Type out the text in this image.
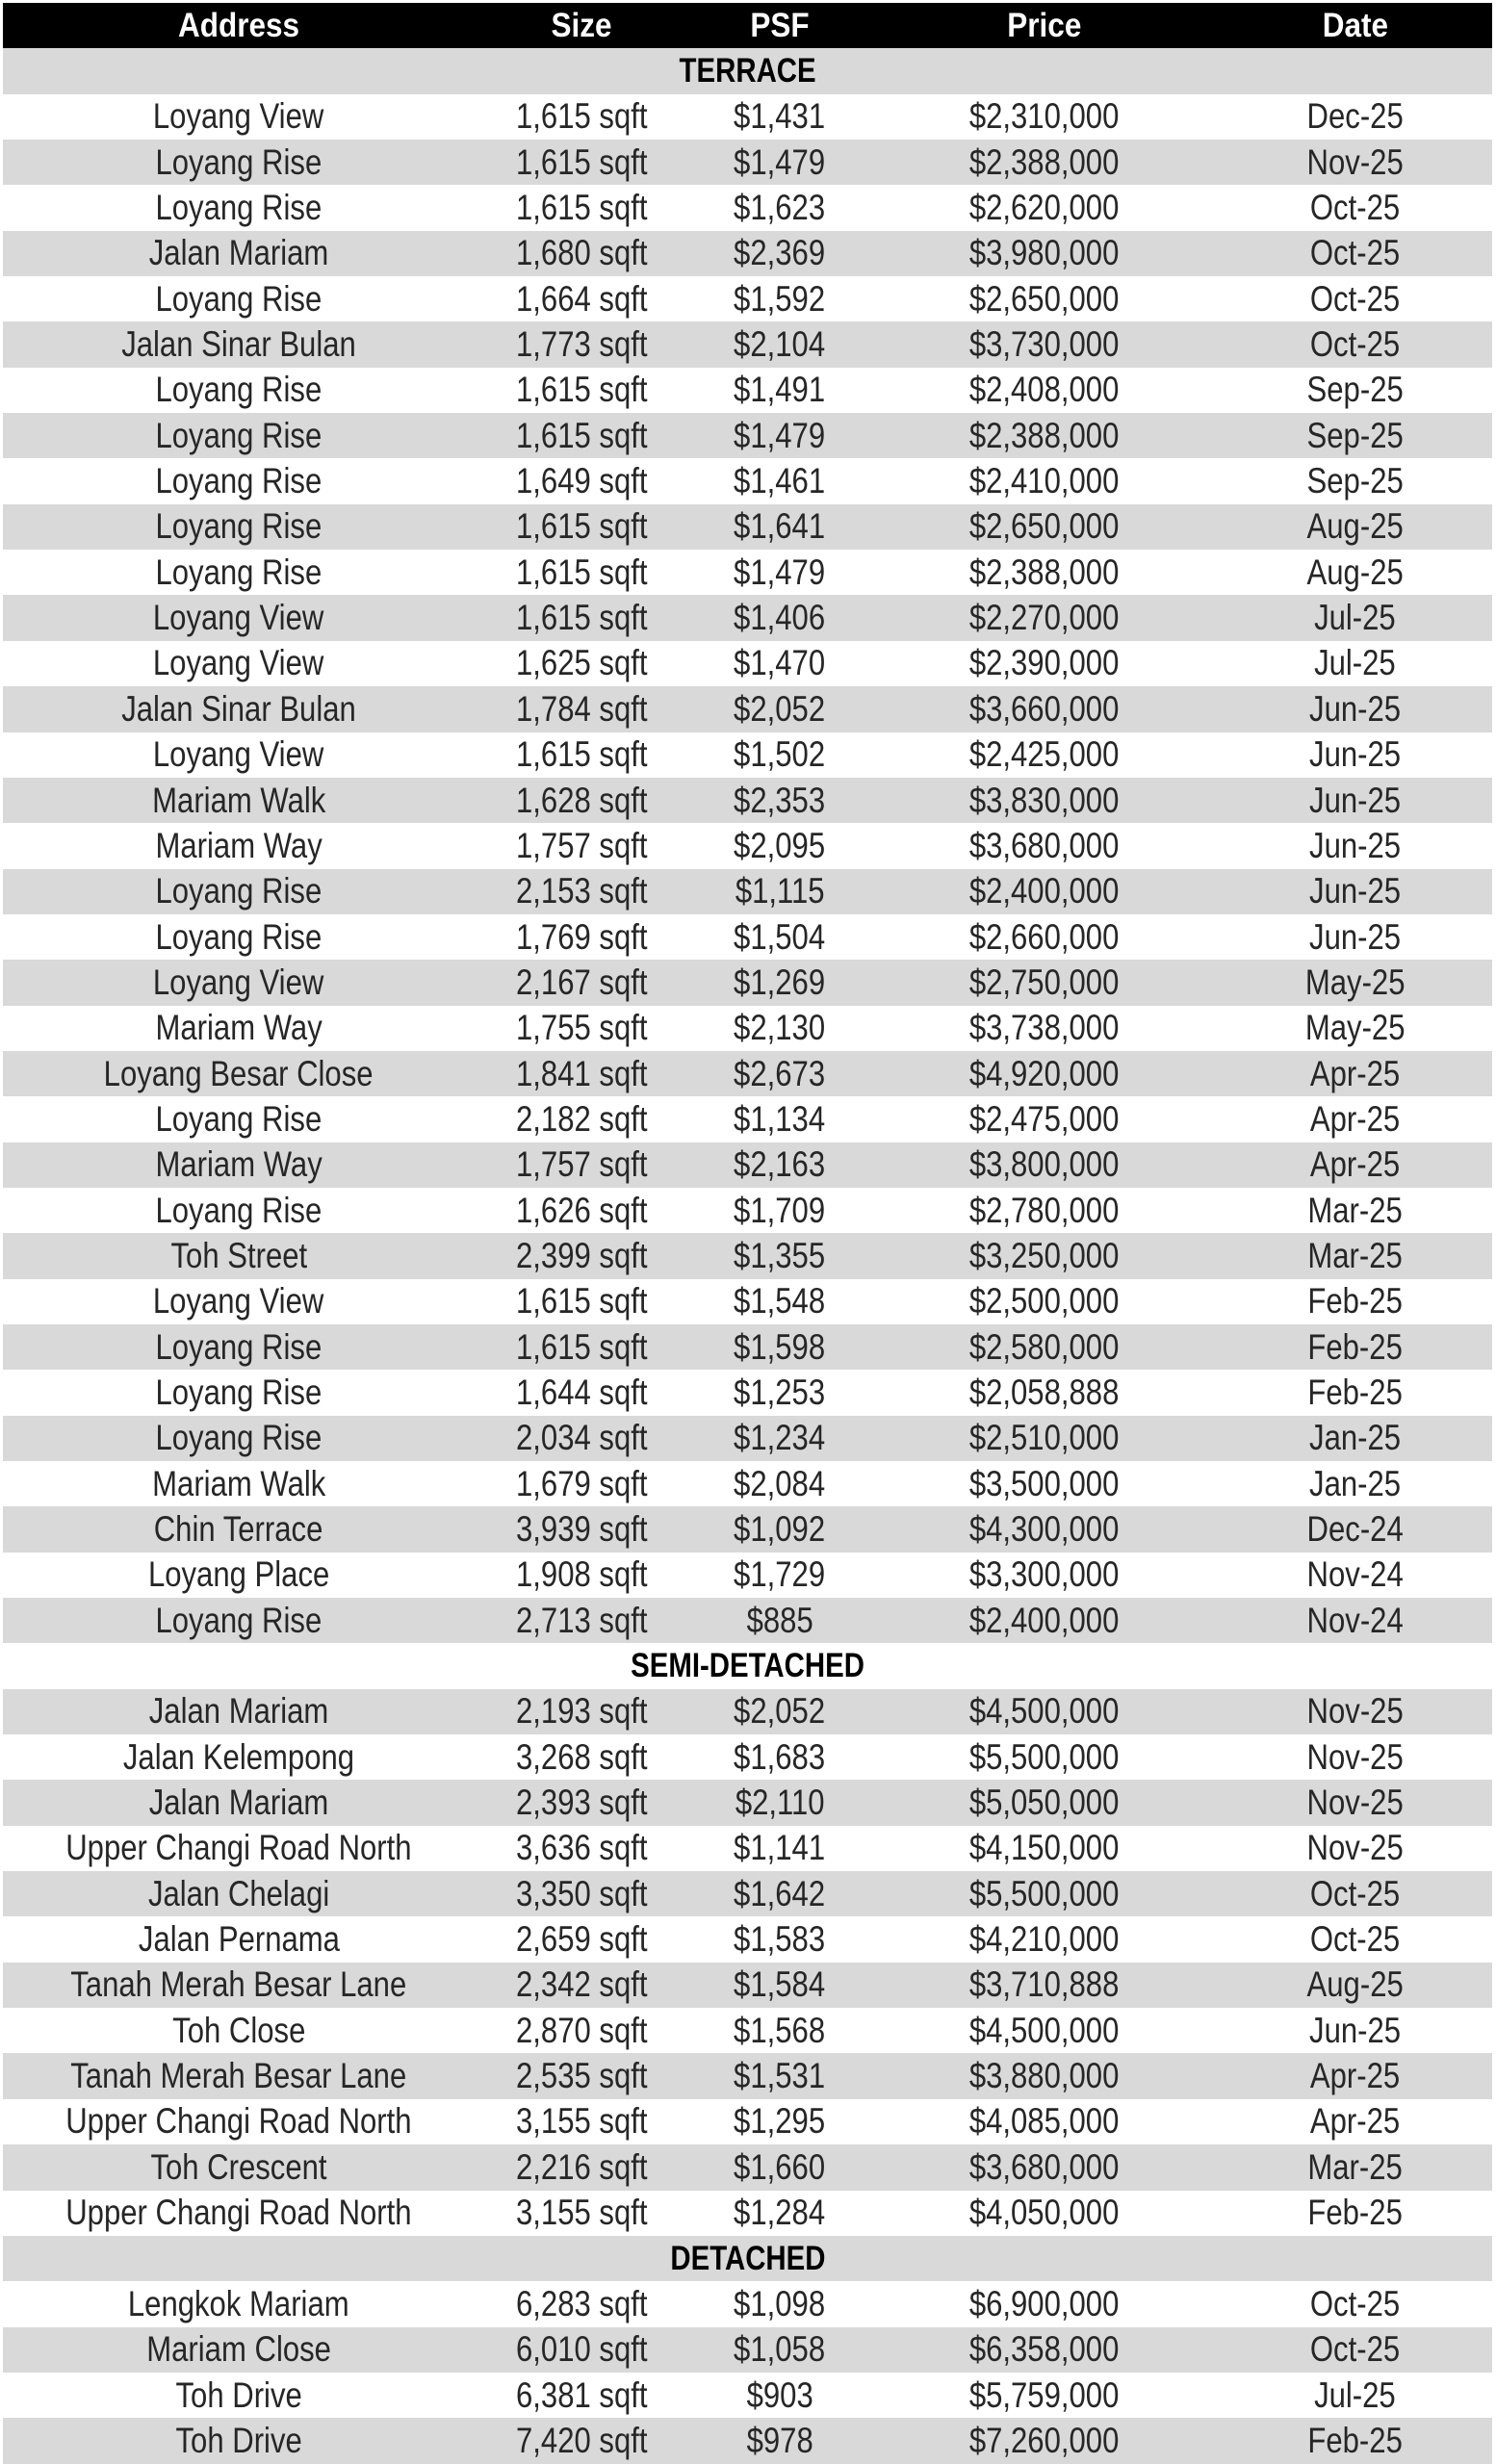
Address	Size	PSF	Price	Date
TERRACE				
Loyang View	1,615 sqft	$1,431	$2,310,000	Dec-25
Loyang Rise	1,615 sqft	$1,479	$2,388,000	Nov-25
Loyang Rise	1,615 sqft	$1,623	$2,620,000	Oct-25
Jalan Mariam	1,680 sqft	$2,369	$3,980,000	Oct-25
Loyang Rise	1,664 sqft	$1,592	$2,650,000	Oct-25
Jalan Sinar Bulan	1,773 sqft	$2,104	$3,730,000	Oct-25
Loyang Rise	1,615 sqft	$1,491	$2,408,000	Sep-25
Loyang Rise	1,615 sqft	$1,479	$2,388,000	Sep-25
Loyang Rise	1,649 sqft	$1,461	$2,410,000	Sep-25
Loyang Rise	1,615 sqft	$1,641	$2,650,000	Aug-25
Loyang Rise	1,615 sqft	$1,479	$2,388,000	Aug-25
Loyang View	1,615 sqft	$1,406	$2,270,000	Jul-25
Loyang View	1,625 sqft	$1,470	$2,390,000	Jul-25
Jalan Sinar Bulan	1,784 sqft	$2,052	$3,660,000	Jun-25
Loyang View	1,615 sqft	$1,502	$2,425,000	Jun-25
Mariam Walk	1,628 sqft	$2,353	$3,830,000	Jun-25
Mariam Way	1,757 sqft	$2,095	$3,680,000	Jun-25
Loyang Rise	2,153 sqft	$1,115	$2,400,000	Jun-25
Loyang Rise	1,769 sqft	$1,504	$2,660,000	Jun-25
Loyang View	2,167 sqft	$1,269	$2,750,000	May-25
Mariam Way	1,755 sqft	$2,130	$3,738,000	May-25
Loyang Besar Close	1,841 sqft	$2,673	$4,920,000	Apr-25
Loyang Rise	2,182 sqft	$1,134	$2,475,000	Apr-25
Mariam Way	1,757 sqft	$2,163	$3,800,000	Apr-25
Loyang Rise	1,626 sqft	$1,709	$2,780,000	Mar-25
Toh Street	2,399 sqft	$1,355	$3,250,000	Mar-25
Loyang View	1,615 sqft	$1,548	$2,500,000	Feb-25
Loyang Rise	1,615 sqft	$1,598	$2,580,000	Feb-25
Loyang Rise	1,644 sqft	$1,253	$2,058,888	Feb-25
Loyang Rise	2,034 sqft	$1,234	$2,510,000	Jan-25
Mariam Walk	1,679 sqft	$2,084	$3,500,000	Jan-25
Chin Terrace	3,939 sqft	$1,092	$4,300,000	Dec-24
Loyang Place	1,908 sqft	$1,729	$3,300,000	Nov-24
Loyang Rise	2,713 sqft	$885	$2,400,000	Nov-24
SEMI-DETACHED				
Jalan Mariam	2,193 sqft	$2,052	$4,500,000	Nov-25
Jalan Kelempong	3,268 sqft	$1,683	$5,500,000	Nov-25
Jalan Mariam	2,393 sqft	$2,110	$5,050,000	Nov-25
Upper Changi Road North	3,636 sqft	$1,141	$4,150,000	Nov-25
Jalan Chelagi	3,350 sqft	$1,642	$5,500,000	Oct-25
Jalan Pernama	2,659 sqft	$1,583	$4,210,000	Oct-25
Tanah Merah Besar Lane	2,342 sqft	$1,584	$3,710,888	Aug-25
Toh Close	2,870 sqft	$1,568	$4,500,000	Jun-25
Tanah Merah Besar Lane	2,535 sqft	$1,531	$3,880,000	Apr-25
Upper Changi Road North	3,155 sqft	$1,295	$4,085,000	Apr-25
Toh Crescent	2,216 sqft	$1,660	$3,680,000	Mar-25
Upper Changi Road North	3,155 sqft	$1,284	$4,050,000	Feb-25
DETACHED				
Lengkok Mariam	6,283 sqft	$1,098	$6,900,000	Oct-25
Mariam Close	6,010 sqft	$1,058	$6,358,000	Oct-25
Toh Drive	6,381 sqft	$903	$5,759,000	Jul-25
Toh Drive	7,420 sqft	$978	$7,260,000	Feb-25
